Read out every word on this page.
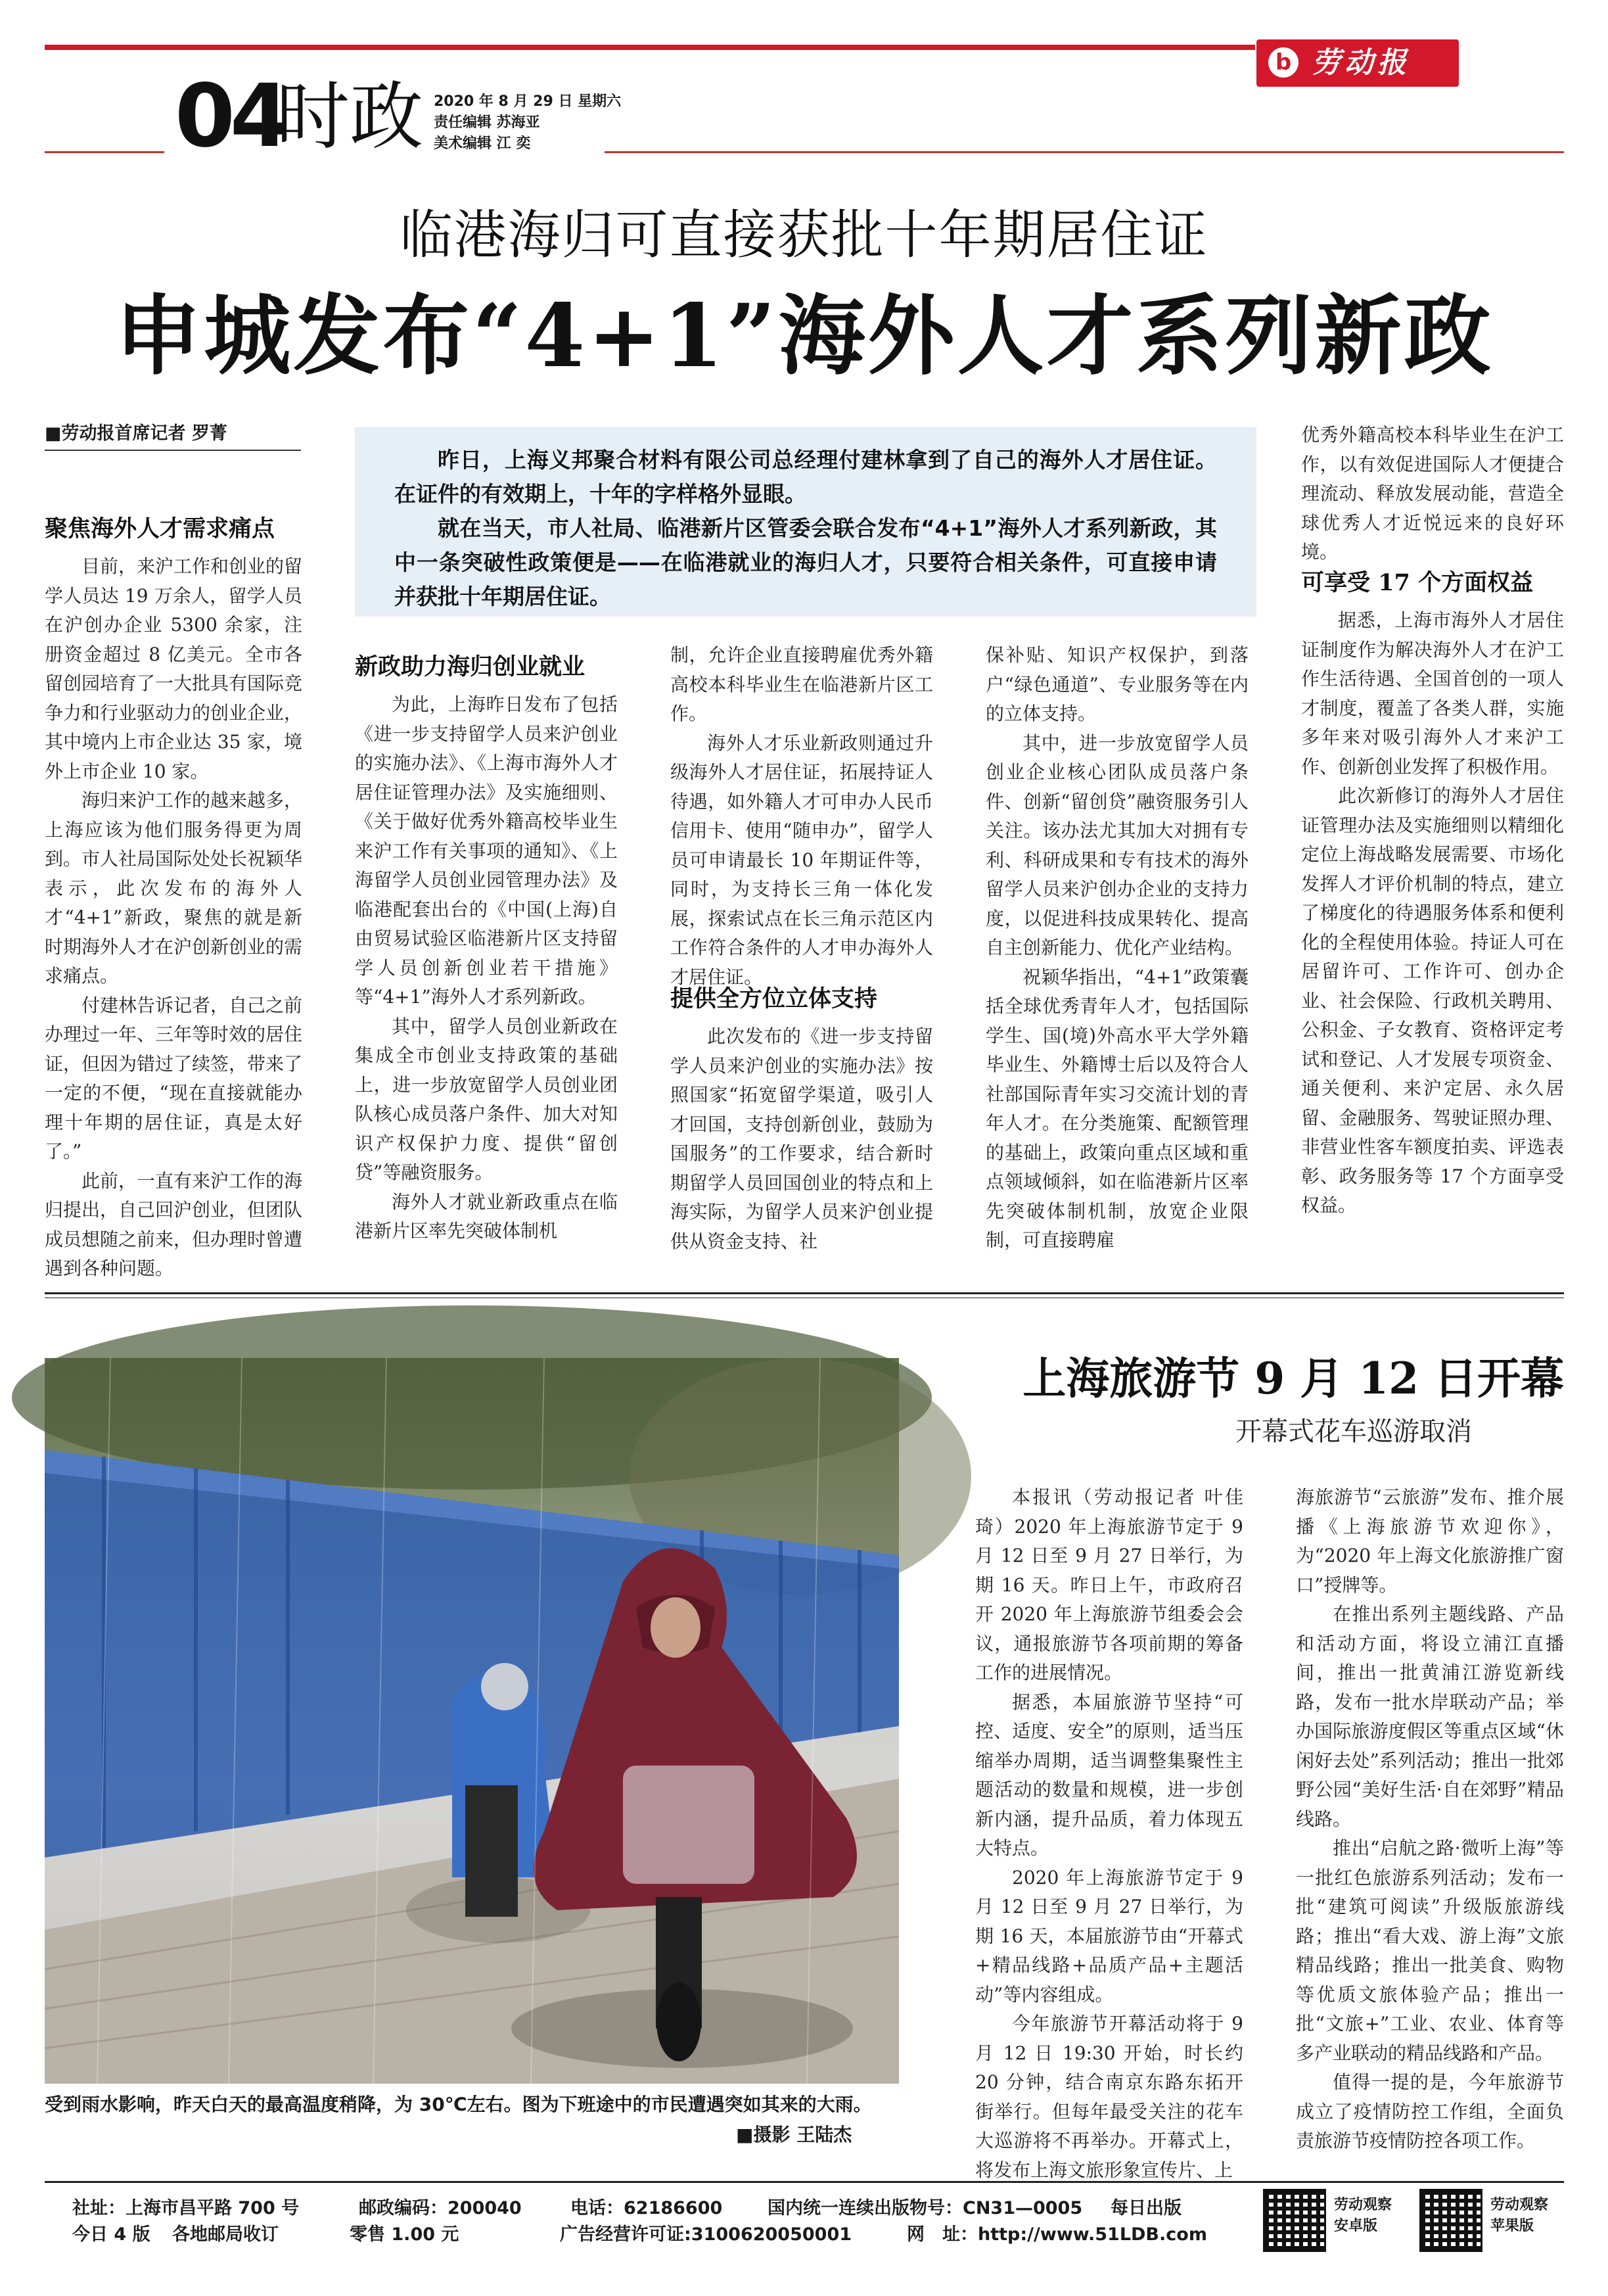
b 劳动报
04
时政 2020 年 8 月 29 日 星期六
责任编辑 苏海亚
美术编辑 江 奕
临港海归可直接获批十年期居住证
申城发布“4+1”海外人才系列新政
■劳动报首席记者 罗菁

昨日，上海义邦聚合材料有限公司总经理付建林拿到了自己的海外人才居住证。在证件的有效期上，十年的字样格外显眼。

就在当天，市人社局、临港新片区管委会联合发布“4+1”海外人才系列新政，其中一条突破性政策便是——在临港就业的海归人才，只要符合相关条件，可直接申请并获批十年期居住证。

聚焦海外人才需求痛点

目前，来沪工作和创业的留学人员达 19 万余人，留学人员在沪创办企业 5300 余家，注册资金超过 8 亿美元。全市各留创园培育了一大批具有国际竞争力和行业驱动力的创业企业，其中境内上市企业达 35 家，境外上市企业 10 家。

海归来沪工作的越来越多，上海应该为他们服务得更为周到。市人社局国际处处长祝颖华表示，此次发布的海外人才“4+1”新政，聚焦的就是新时期海外人才在沪创新创业的需求痛点。

付建林告诉记者，自己之前办理过一年、三年等时效的居住证，但因为错过了续签，带来了一定的不便，“现在直接就能办理十年期的居住证，真是太好了。”

此前，一直有来沪工作的海归提出，自己回沪创业，但团队成员想随之前来，但办理时曾遭遇到各种问题。

新政助力海归创业就业

为此，上海昨日发布了包括《进一步支持留学人员来沪创业的实施办法》、《上海市海外人才居住证管理办法》及实施细则、《关于做好优秀外籍高校毕业生来沪工作有关事项的通知》、《上海留学人员创业园管理办法》及临港配套出台的《中国(上海)自由贸易试验区临港新片区支持留学人员创新创业若干措施》等“4+1”海外人才系列新政。

其中，留学人员创业新政在集成全市创业支持政策的基础上，进一步放宽留学人员创业团队核心成员落户条件、加大对知识产权保护力度、提供“留创贷”等融资服务。

海外人才就业新政重点在临港新片区率先突破体制机

制，允许企业直接聘雇优秀外籍高校本科毕业生在临港新片区工作。

海外人才乐业新政则通过升级海外人才居住证，拓展持证人待遇，如外籍人才可申办人民币信用卡、使用“随申办”，留学人员可申请最长 10 年期证件等，同时，为支持长三角一体化发展，探索试点在长三角示范区内工作符合条件的人才申办海外人才居住证。

提供全方位立体支持

此次发布的《进一步支持留学人员来沪创业的实施办法》按照国家“拓宽留学渠道，吸引人才回国，支持创新创业，鼓励为国服务”的工作要求，结合新时期留学人员回国创业的特点和上海实际，为留学人员来沪创业提供从资金支持、社

保补贴、知识产权保护，到落户“绿色通道”、专业服务等在内的立体支持。

其中，进一步放宽留学人员创业企业核心团队成员落户条件、创新“留创贷”融资服务引人关注。该办法尤其加大对拥有专利、科研成果和专有技术的海外留学人员来沪创办企业的支持力度，以促进科技成果转化、提高自主创新能力、优化产业结构。

祝颖华指出，“4+1”政策囊括全球优秀青年人才，包括国际学生、国(境)外高水平大学外籍毕业生、外籍博士后以及符合人社部国际青年实习交流计划的青年人才。在分类施策、配额管理的基础上，政策向重点区域和重点领域倾斜，如在临港新片区率先突破体制机制，放宽企业限制，可直接聘雇

优秀外籍高校本科毕业生在沪工作，以有效促进国际人才便捷合理流动、释放发展动能，营造全球优秀人才近悦远来的良好环境。

可享受 17 个方面权益

据悉，上海市海外人才居住证制度作为解决海外人才在沪工作生活待遇、全国首创的一项人才制度，覆盖了各类人群，实施多年来对吸引海外人才来沪工作、创新创业发挥了积极作用。

此次新修订的海外人才居住证管理办法及实施细则以精细化定位上海战略发展需要、市场化发挥人才评价机制的特点，建立了梯度化的待遇服务体系和便利化的全程使用体验。持证人可在居留许可、工作许可、创办企业、社会保险、行政机关聘用、公积金、子女教育、资格评定考试和登记、人才发展专项资金、通关便利、来沪定居、永久居留、金融服务、驾驶证照办理、非营业性客车额度拍卖、评选表彰、政务服务等 17 个方面享受权益。

受到雨水影响，昨天白天的最高温度稍降，为 30℃左右。图为下班途中的市民遭遇突如其来的大雨。
■摄影 王陆杰
上海旅游节 9 月 12 日开幕
开幕式花车巡游取消

本报讯（劳动报记者 叶佳琦）2020 年上海旅游节定于 9 月 12 日至 9 月 27 日举行，为期 16 天。昨日上午，市政府召开 2020 年上海旅游节组委会会议，通报旅游节各项前期的筹备工作的进展情况。

据悉，本届旅游节坚持“可控、适度、安全”的原则，适当压缩举办周期，适当调整集聚性主题活动的数量和规模，进一步创新内涵，提升品质，着力体现五大特点。

2020 年上海旅游节定于 9 月 12 日至 9 月 27 日举行，为期 16 天，本届旅游节由“开幕式+精品线路+品质产品+主题活动”等内容组成。

今年旅游节开幕活动将于 9 月 12 日 19:30 开始，时长约 20 分钟，结合南京东路东拓开街举行。但每年最受关注的花车大巡游将不再举办。开幕式上，将发布上海文旅形象宣传片、上

海旅游节“云旅游”发布、推介展播《上海旅游节欢迎你》，为“2020 年上海文化旅游推广窗口”授牌等。

在推出系列主题线路、产品和活动方面，将设立浦江直播间，推出一批黄浦江游览新线路，发布一批水岸联动产品；举办国际旅游度假区等重点区域“休闲好去处”系列活动；推出一批郊野公园“美好生活·自在郊野”精品线路。

推出“启航之路·微听上海”等一批红色旅游系列活动；发布一批“建筑可阅读”升级版旅游线路；推出“看大戏、游上海”文旅精品线路；推出一批美食、购物等优质文旅体验产品；推出一批“文旅+”工业、农业、体育等多产业联动的精品线路和产品。

值得一提的是，今年旅游节成立了疫情防控工作组，全面负责旅游节疫情防控各项工作。

社址：上海市昌平路 700 号	邮政编码：200040	电话：62186600	国内统一连续出版物号：CN31—0005 每日出版
今日 4 版 各地邮局收订	零售 1.00 元	广告经营许可证:3100620050001	网　址：http://www.51LDB.com
劳动观察
安卓版
劳动观察
苹果版
